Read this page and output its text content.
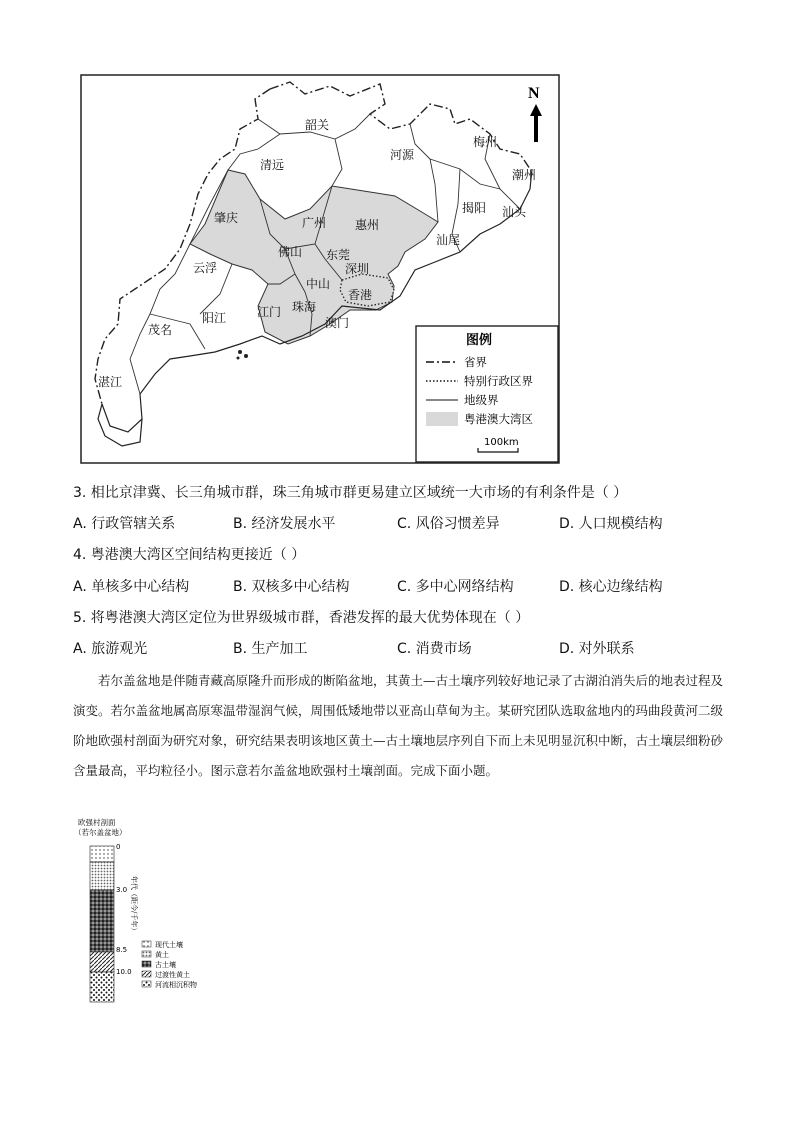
N
韶关
清远
河源
梅州
潮州
肇庆	广州 惠州
揭阳 汕头
汕尾
佛山 东莞
云浮	深圳
中山
香港
江门 珠海
茂名
阳江	澳门
湛江
图例
省界
特别行政区界
地级界
粤港澳大湾区
100km
3. 相比京津冀、长三角城市群，珠三角城市群更易建立区域统一大市场的有利条件是（ ）
A. 行政管辖关系	B. 经济发展水平	C. 风俗习惯差异	D. 人口规模结构
4. 粤港澳大湾区空间结构更接近（ ）
A. 单核多中心结构	B. 双核多中心结构	C. 多中心网络结构	D. 核心边缘结构
5. 将粤港澳大湾区定位为世界级城市群，香港发挥的最大优势体现在（ ）
A. 旅游观光	B. 生产加工	C. 消费市场	D. 对外联系

若尔盖盆地是伴随青藏高原隆升而形成的断陷盆地，其黄土—古土壤序列较好地记录了古湖泊消失后的地表过程及演变。若尔盖盆地属高原寒温带湿润气候，周围低矮地带以亚高山草甸为主。某研究团队选取盆地内的玛曲段黄河二级阶地欧强村剖面为研究对象，研究结果表明该地区黄土—古土壤地层序列自下而上未见明显沉积中断，古土壤层细粉砂含量最高，平均粒径小。图示意若尔盖盆地欧强村土壤剖面。完成下面小题。

欧强村剖面
（若尔盖盆地）
0
3.0
8.5
10.0
年代（距今/千年）
现代土壤
黄土
古土壤
过渡性黄土
河流相沉积物
